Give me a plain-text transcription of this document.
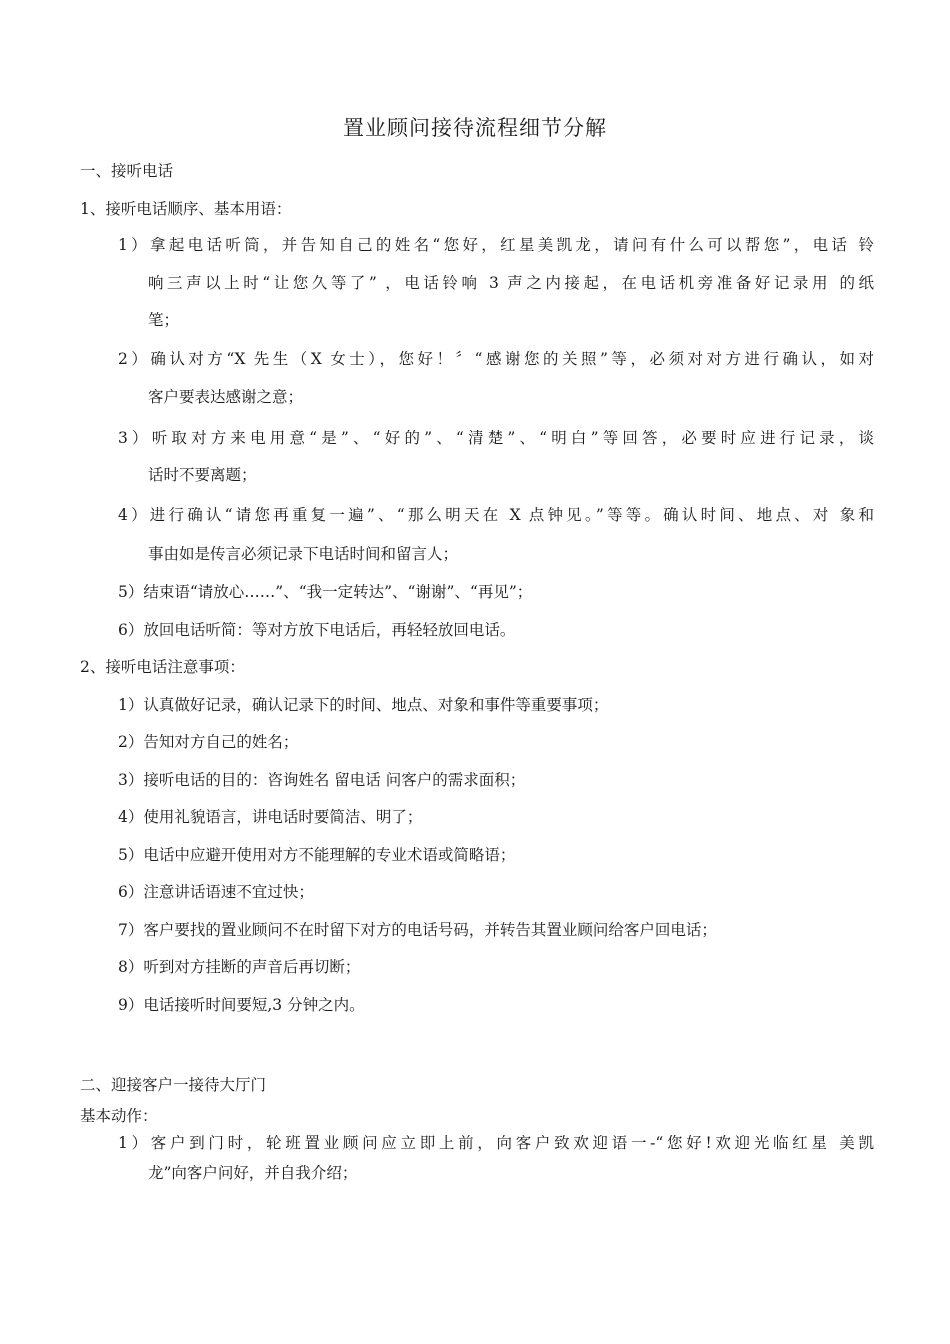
置业顾问接待流程细节分解
一、接听电话
1、接听电话顺序、基本用语：
1）拿起电话听筒，并告知自己的姓名“您好，红星美凯龙，请问有什么可以帮您”，电话 铃
响三声以上时“让您久等了” ，电话铃响 3 声之内接起，在电话机旁准备好记录用 的纸
笔；
2）确认对方“X 先生（X 女士），您好！〞“感谢您的关照”等，必须对对方进行确认，如对
客户要表达感谢之意；
3）听取对方来电用意“是”、“好的”、“清楚”、“明白”等回答，必要时应进行记录，谈
话时不要离题；
4）进行确认“请您再重复一遍”、“那么明天在 X 点钟见。”等等。确认时间、地点、对 象和
事由如是传言必须记录下电话时间和留言人；
5）结束语“请放心……”、“我一定转达”、“谢谢”、“再见”；
6）放回电话听简：等对方放下电话后，再轻轻放回电话。
2、接听电话注意事项：
1）认真做好记录，确认记录下的时间、地点、对象和事件等重要事项；
2）告知对方自己的姓名；
3）接听电话的目的：咨询姓名 留电话 问客户的需求面积；
4）使用礼貌语言，讲电话时要简洁、明了；
5）电话中应避开使用对方不能理解的专业术语或简略语；
6）注意讲话语速不宜过快；
7）客户要找的置业顾问不在时留下对方的电话号码，并转告其置业顾问给客户回电话；
8）听到对方挂断的声音后再切断；
9）电话接听时间要短,3 分钟之内。
二、迎接客户一接待大厅门
基本动作：
1）客户到门时，轮班置业顾问应立即上前，向客户致欢迎语一-“您好!欢迎光临红星 美凯
龙”向客户问好，并自我介绍；
